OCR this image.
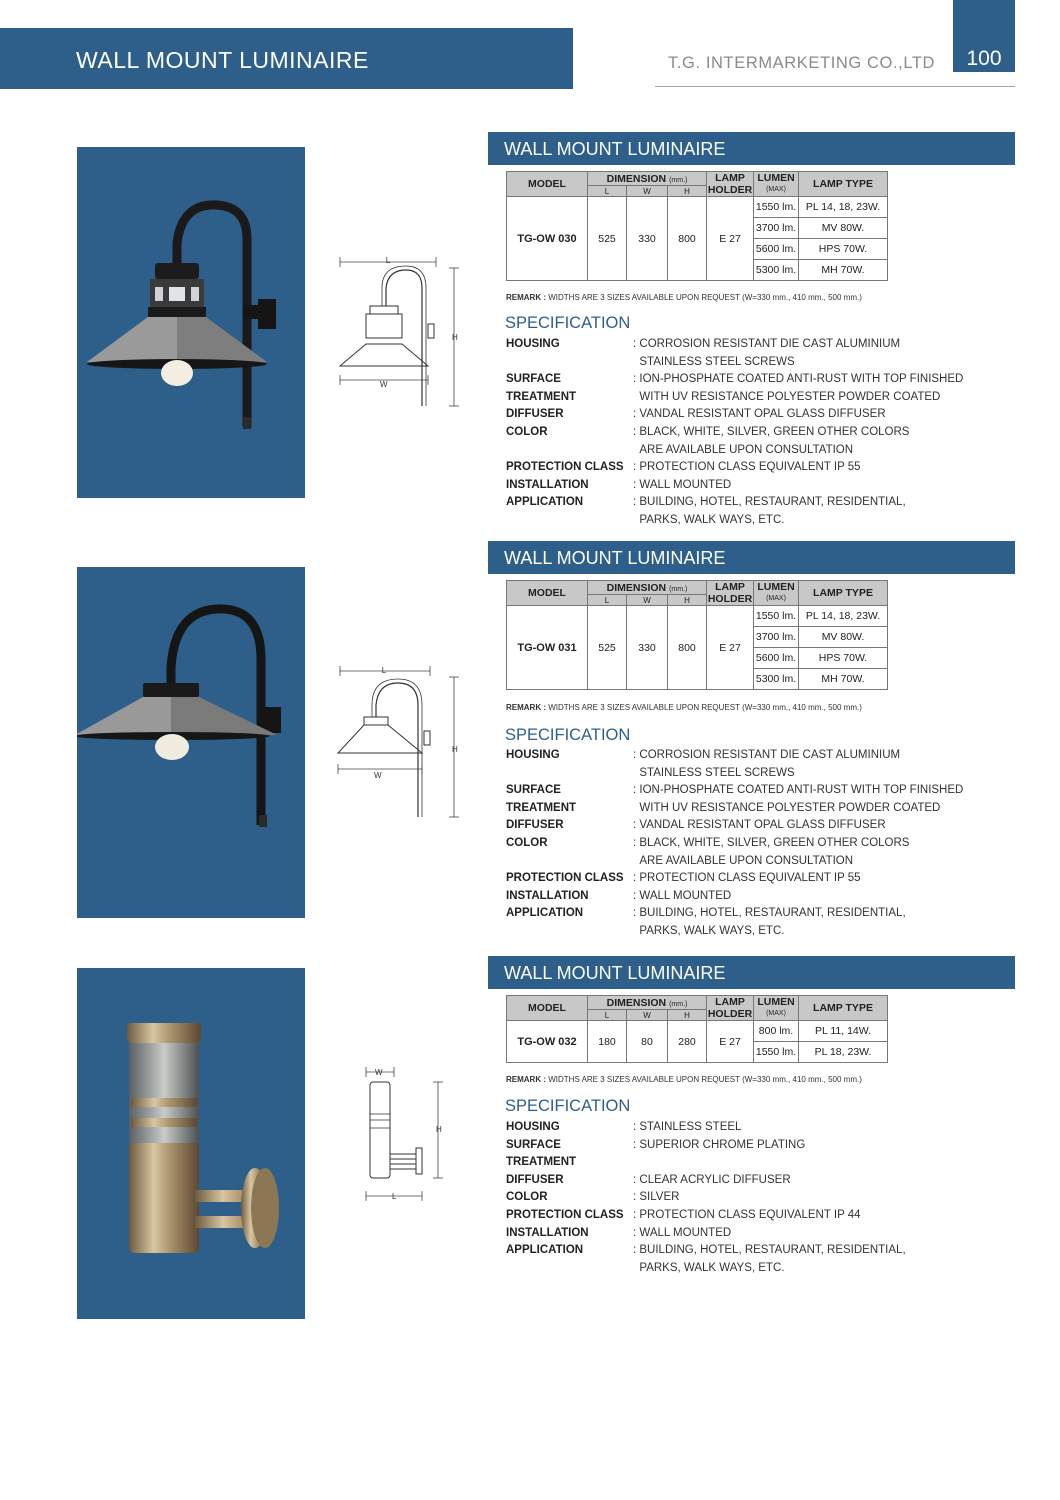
WALL MOUNT LUMINAIRE	T.G. INTERMARKETING CO.,LTD	100
L
W
H
WALL MOUNT LUMINAIRE
MODEL	DIMENSION (mm.)			LAMP
HOLDER	LUMEN
(MAX)	LAMP TYPE
	L	W	H			
TG-OW 030	525	330	800	E 27	1550 lm.	PL 14, 18, 23W.
					3700 lm.	MV 80W.
					5600 lm.	HPS 70W.
					5300 lm.	MH 70W.
REMARK : WIDTHS ARE 3 SIZES AVAILABLE UPON REQUEST (W=330 mm., 410 mm., 500 mm.)
SPECIFICATION
HOUSING	: CORROSION RESISTANT DIE CAST ALUMINIUM
STAINLESS STEEL SCREWS
SURFACE TREATMENT
: ION-PHOSPHATE COATED ANTI-RUST WITH TOP FINISHED
WITH UV RESISTANCE POLYESTER POWDER COATED
DIFFUSER	: VANDAL RESISTANT OPAL GLASS DIFFUSER
COLOR	: BLACK, WHITE, SILVER, GREEN OTHER COLORS
ARE AVAILABLE UPON CONSULTATION
PROTECTION CLASS	: PROTECTION CLASS EQUIVALENT IP 55
INSTALLATION	: WALL MOUNTED
APPLICATION	: BUILDING, HOTEL, RESTAURANT, RESIDENTIAL,
PARKS, WALK WAYS, ETC.
L
W
H
WALL MOUNT LUMINAIRE
MODEL	DIMENSION (mm.)			LAMP
HOLDER	LUMEN
(MAX)	LAMP TYPE
	L	W	H			
TG-OW 031	525	330	800	E 27	1550 lm.	PL 14, 18, 23W.
					3700 lm.	MV 80W.
					5600 lm.	HPS 70W.
					5300 lm.	MH 70W.
REMARK : WIDTHS ARE 3 SIZES AVAILABLE UPON REQUEST (W=330 mm., 410 mm., 500 mm.)
SPECIFICATION
HOUSING	: CORROSION RESISTANT DIE CAST ALUMINIUM
STAINLESS STEEL SCREWS
SURFACE TREATMENT
: ION-PHOSPHATE COATED ANTI-RUST WITH TOP FINISHED
WITH UV RESISTANCE POLYESTER POWDER COATED
DIFFUSER	: VANDAL RESISTANT OPAL GLASS DIFFUSER
COLOR	: BLACK, WHITE, SILVER, GREEN OTHER COLORS
ARE AVAILABLE UPON CONSULTATION
PROTECTION CLASS	: PROTECTION CLASS EQUIVALENT IP 55
INSTALLATION	: WALL MOUNTED
APPLICATION	: BUILDING, HOTEL, RESTAURANT, RESIDENTIAL,
PARKS, WALK WAYS, ETC.
W
L
H
WALL MOUNT LUMINAIRE
MODEL	DIMENSION (mm.)			LAMP
HOLDER	LUMEN
(MAX)	LAMP TYPE
	L	W	H			
TG-OW 032	180	80	280	E 27	800 lm.	PL 11, 14W.
					1550 lm.	PL 18, 23W.
REMARK : WIDTHS ARE 3 SIZES AVAILABLE UPON REQUEST (W=330 mm., 410 mm., 500 mm.)
SPECIFICATION
HOUSING	: STAINLESS STEEL
SURFACE TREATMENT
: SUPERIOR CHROME PLATING
DIFFUSER	: CLEAR ACRYLIC DIFFUSER
COLOR	: SILVER
PROTECTION CLASS	: PROTECTION CLASS EQUIVALENT IP 44
INSTALLATION	: WALL MOUNTED
APPLICATION	: BUILDING, HOTEL, RESTAURANT, RESIDENTIAL,
PARKS, WALK WAYS, ETC.
